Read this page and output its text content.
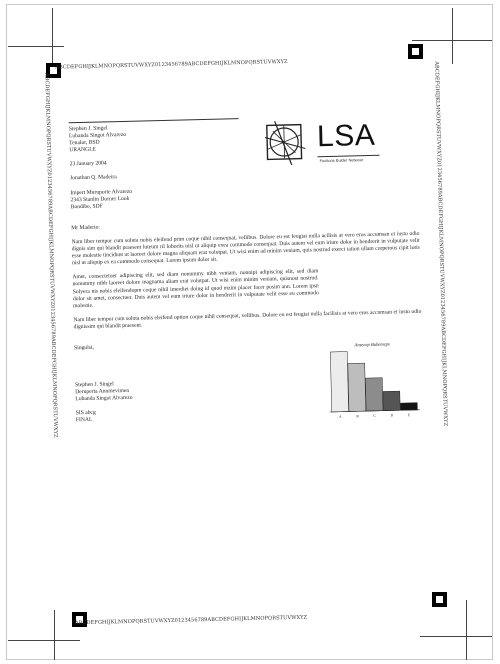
ABCDEFGHIJKLMNOPQRSTUVWXYZ0123456789ABCDEFGHIJKLMNOPQRSTUVWXYZ
ABCDEFGHIJKLMNOPQRSTUVWXYZ0123456789ABCDEFGHIJKLMNOPQRSTUVWXYZ
ABCDEFGHIJKLMNOPQRSTUVWXYZ0123456789ABCDEFGHIJKLMNOPQRSTUVWXYZ0123456789ABCDEFGHIJKLMNOPQRSTUVWXYZ	ABCDEFGHIJKLMNOPQRSTUVWXYZ0123456789ABCDEFGHIJKLMNOPQRSTUVWXYZ0123456789ABCDEFGHIJKLMNOPQRSTUVWXYZ
LSA
Fuctions Bulder Netwoor

Stephen J. Singel

Lubanda Singot Alvarezo

Tenalor, BSD

URANGLE

23 January 2004

Jonathan Q. Madeira

Impert Muruporte Alvarezo

2343 Stanlin Dorner Look

Bondibe, SDF

Mr Maderio:

Nam liber tempor cum soluta nobis eleifend prim coque nihil consequat, vellibus. Dolore eu est feugiat nulla acilisis at vero eros accumsan et iusto odio dignis sim qui blandit praesent luteum ril loborits nisl ut aliquip exea commodo consequat. Duis autem vel eum iriure dolor in hendrerit in vulputate velit esse molestie tincidunt ut laoreet dolore magna aliquam erat volutpat. Ut wisi enim ad minim veniam, quis nostrud exerci tation ullam corperous cipit lotis nisl ut aliquip ex ea commodo consequat. Lorem ipsum dolor sit.

Amet, consectetuer adipiscing elit, sed diam nonummy nibh veniam, nonnipi adipiscing elit, sed diam nonummy nibh laoreet dolore magnama aliam erat volutpat. Ut wisi enim minim veniam, quisnost nostrud. Solyera nis nobis eleifendopm coque nihil imerdiet doing id quod mzim placer facer posim ann. Lorem ipsn dolor sit amet, consectuer. Duis autem vel eum iriure dolor in hendrerit in vulputate velit esse eu commodo molestie.

Nam liber tempor cum soluta nobis eleifend option coque nihil consequat, vellibus. Dolore eu est feugiat nulla facilisis at vero eros accumsan et iusto odio dignissim qui blandit praesent.

Singulsi,

Stephen J. Singel

Deruperta Annmevimen

Lubanda Singot Alvarezo

SIS abcg

FINAL

Ansecep Bubemeps
A	B	C	D	E
